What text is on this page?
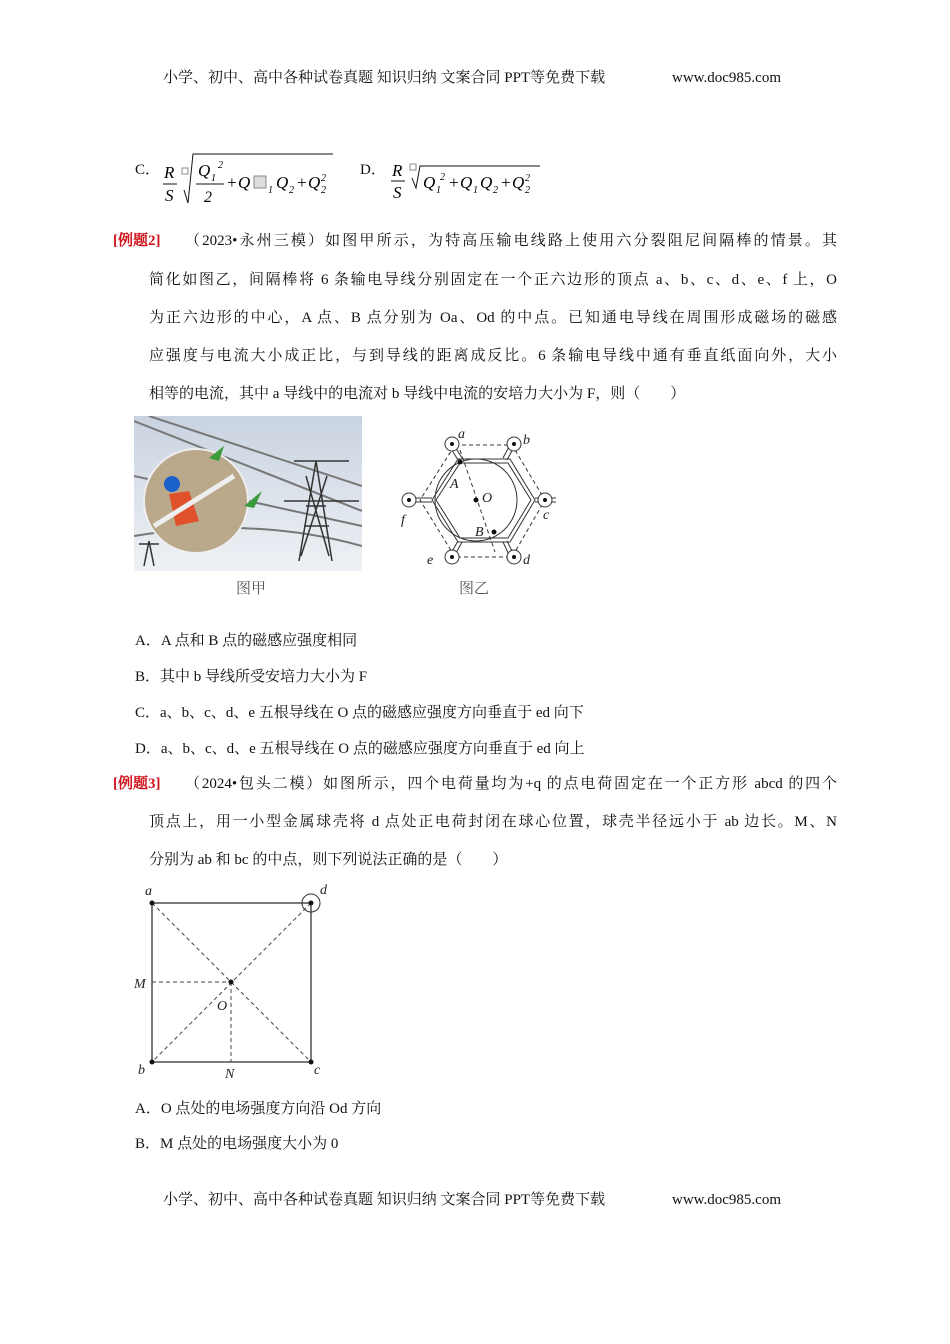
小学、初中、高中各种试卷真题 知识归纳 文案合同 PPT等免费下载	www.doc985.com
C． R
S
Q 1
2
2
+ Q 1 Q 2 + Q 2
2
D． R
S
Q 1
2 + Q 1 Q 2 + Q 2
2
[例题2] （2023•永州三模）如图甲所示，为特高压输电线路上使用六分裂阻尼间隔棒的情景。其
简化如图乙，间隔棒将 6 条输电导线分别固定在一个正六边形的顶点 a、b、c、d、e、f 上，O
为正六边形的中心，A 点、B 点分别为 Oa、Od 的中点。已知通电导线在周围形成磁场的磁感
应强度与电流大小成正比，与到导线的距离成反比。6 条输电导线中通有垂直纸面向外，大小
相等的电流，其中 a 导线中的电流对 b 导线中电流的安培力大小为 F，则（　　）
图甲
a	b
c
d
e
f
A
O
B
图乙
A．A 点和 B 点的磁感应强度相同
B．其中 b 导线所受安培力大小为 F
C．a、b、c、d、e 五根导线在 O 点的磁感应强度方向垂直于 ed 向下
D．a、b、c、d、e 五根导线在 O 点的磁感应强度方向垂直于 ed 向上
[例题3] （2024•包头二模）如图所示，四个电荷量均为+q 的点电荷固定在一个正方形 abcd 的四个
顶点上，用一小型金属球壳将 d 点处正电荷封闭在球心位置，球壳半径远小于 ab 边长。M、N
分别为 ab 和 bc 的中点，则下列说法正确的是（　　）
a	d
b	c
M
N
O
A．O 点处的电场强度方向沿 Od 方向
B．M 点处的电场强度大小为 0
小学、初中、高中各种试卷真题 知识归纳 文案合同 PPT等免费下载	www.doc985.com
